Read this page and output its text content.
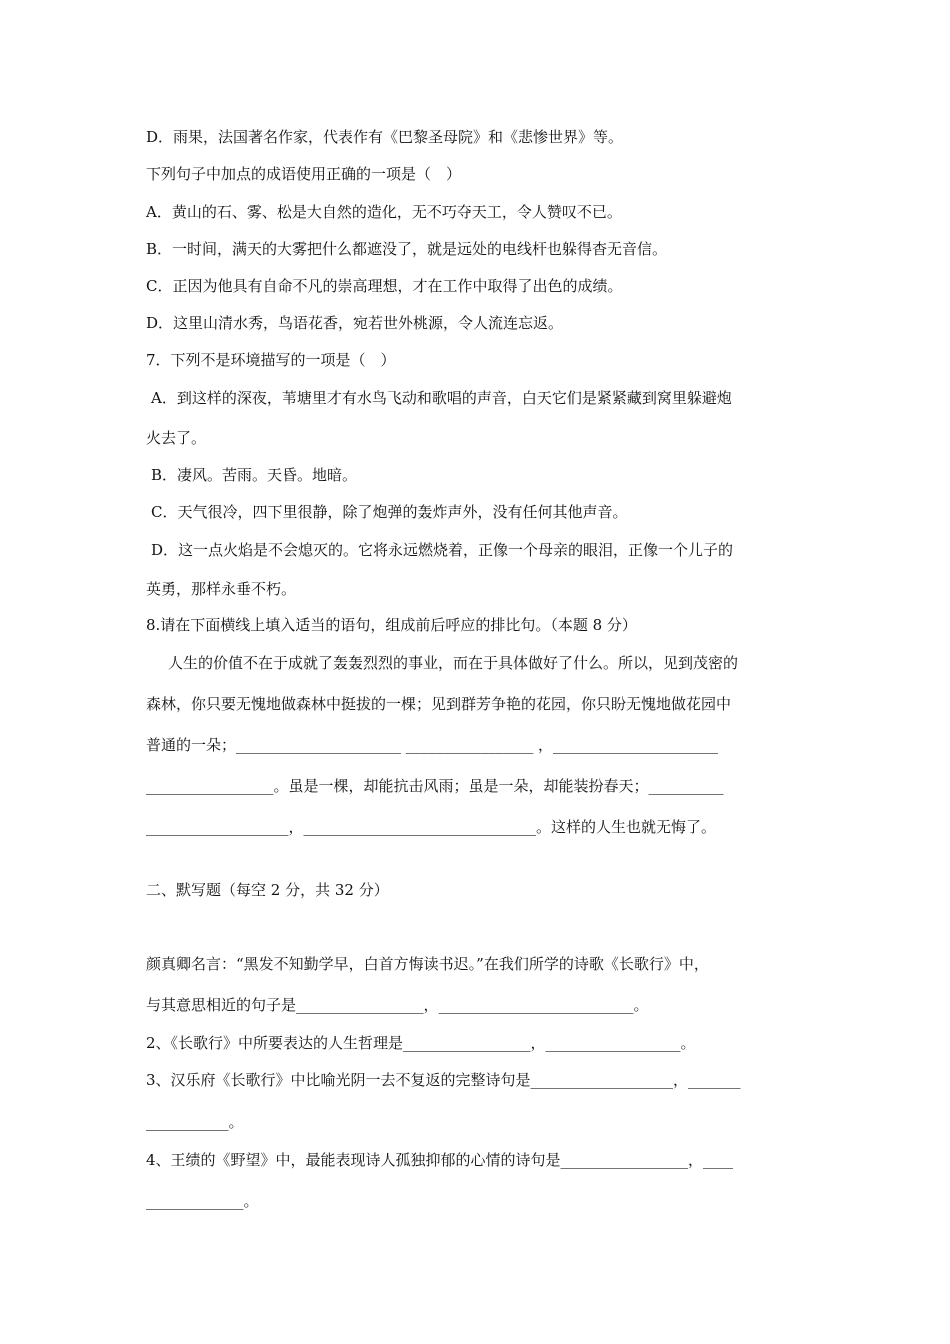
D．雨果，法国著名作家，代表作有《巴黎圣母院》和《悲惨世界》等。
下列句子中加点的成语使用正确的一项是（　）
A．黄山的石、雾、松是大自然的造化，无不巧夺天工，令人赞叹不已。
B．一时间，满天的大雾把什么都遮没了，就是远处的电线杆也躲得杳无音信。
C．正因为他具有自命不凡的崇高理想，才在工作中取得了出色的成绩。
D．这里山清水秀，鸟语花香，宛若世外桃源，令人流连忘返。
7．下列不是环境描写的一项是（　）
A．到这样的深夜，苇塘里才有水鸟飞动和歌唱的声音，白天它们是紧紧藏到窝里躲避炮
火去了。
B．凄风。苦雨。天昏。地暗。
C．天气很冷，四下里很静，除了炮弹的轰炸声外，没有任何其他声音。
D．这一点火焰是不会熄灭的。它将永远燃烧着，正像一个母亲的眼泪，正像一个儿子的
英勇，那样永垂不朽。
8.请在下面横线上填入适当的语句，组成前后呼应的排比句。（本题 8 分）
人生的价值不在于成就了轰轰烈烈的事业，而在于具体做好了什么。所以，见到茂密的
森林，你只要无愧地做森林中挺拔的一棵；见到群芳争艳的花园，你只盼无愧地做花园中
普通的一朵；______________________ _________________ ，______________________
_________________。虽是一棵，却能抗击风雨；虽是一朵，却能装扮春天；__________
___________________，_______________________________。这样的人生也就无悔了。
二、默写题（每空 2 分，共 32 分）
颜真卿名言：“黑发不知勤学早，白首方悔读书迟。”在我们所学的诗歌《长歌行》中，
与其意思相近的句子是_________________，__________________________。
2、《长歌行》中所要表达的人生哲理是_________________，__________________。
3、汉乐府《长歌行》中比喻光阴一去不复返的完整诗句是___________________，_______
___________。
4、王绩的《野望》中，最能表现诗人孤独抑郁的心情的诗句是_________________，____
_____________。
